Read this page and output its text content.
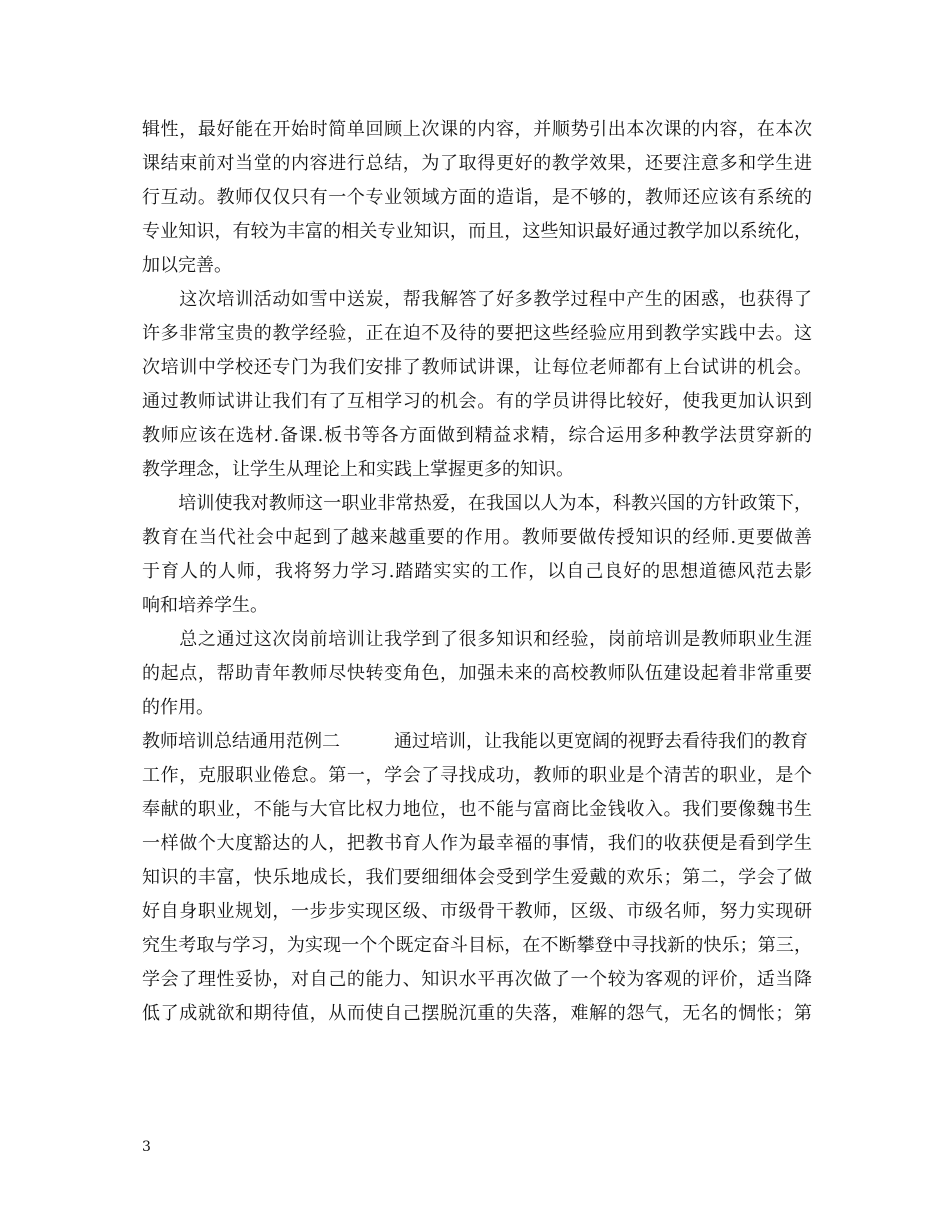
辑性，最好能在开始时简单回顾上次课的内容，并顺势引出本次课的内容，在本次
课结束前对当堂的内容进行总结，为了取得更好的教学效果，还要注意多和学生进
行互动。教师仅仅只有一个专业领域方面的造诣，是不够的，教师还应该有系统的
专业知识，有较为丰富的相关专业知识，而且，这些知识最好通过教学加以系统化，
加以完善。
　　这次培训活动如雪中送炭，帮我解答了好多教学过程中产生的困惑，也获得了
许多非常宝贵的教学经验，正在迫不及待的要把这些经验应用到教学实践中去。这
次培训中学校还专门为我们安排了教师试讲课，让每位老师都有上台试讲的机会。
通过教师试讲让我们有了互相学习的机会。有的学员讲得比较好，使我更加认识到
教师应该在选材.备课.板书等各方面做到精益求精，综合运用多种教学法贯穿新的
教学理念，让学生从理论上和实践上掌握更多的知识。
　　培训使我对教师这一职业非常热爱，在我国以人为本，科教兴国的方针政策下，
教育在当代社会中起到了越来越重要的作用。教师要做传授知识的经师.更要做善
于育人的人师，我将努力学习.踏踏实实的工作，以自己良好的思想道德风范去影
响和培养学生。
　　总之通过这次岗前培训让我学到了很多知识和经验，岗前培训是教师职业生涯
的起点，帮助青年教师尽快转变角色，加强未来的高校教师队伍建设起着非常重要
的作用。
教师培训总结通用范例二	通过培训，让我能以更宽阔的视野去看待我们的教育
工作，克服职业倦怠。第一，学会了寻找成功，教师的职业是个清苦的职业，是个
奉献的职业，不能与大官比权力地位，也不能与富商比金钱收入。我们要像魏书生
一样做个大度豁达的人，把教书育人作为最幸福的事情，我们的收获便是看到学生
知识的丰富，快乐地成长，我们要细细体会受到学生爱戴的欢乐；第二，学会了做
好自身职业规划，一步步实现区级、市级骨干教师，区级、市级名师，努力实现研
究生考取与学习，为实现一个个既定奋斗目标，在不断攀登中寻找新的快乐；第三，
学会了理性妥协，对自己的能力、知识水平再次做了一个较为客观的评价，适当降
低了成就欲和期待值，从而使自己摆脱沉重的失落，难解的怨气，无名的惆怅；第
3
